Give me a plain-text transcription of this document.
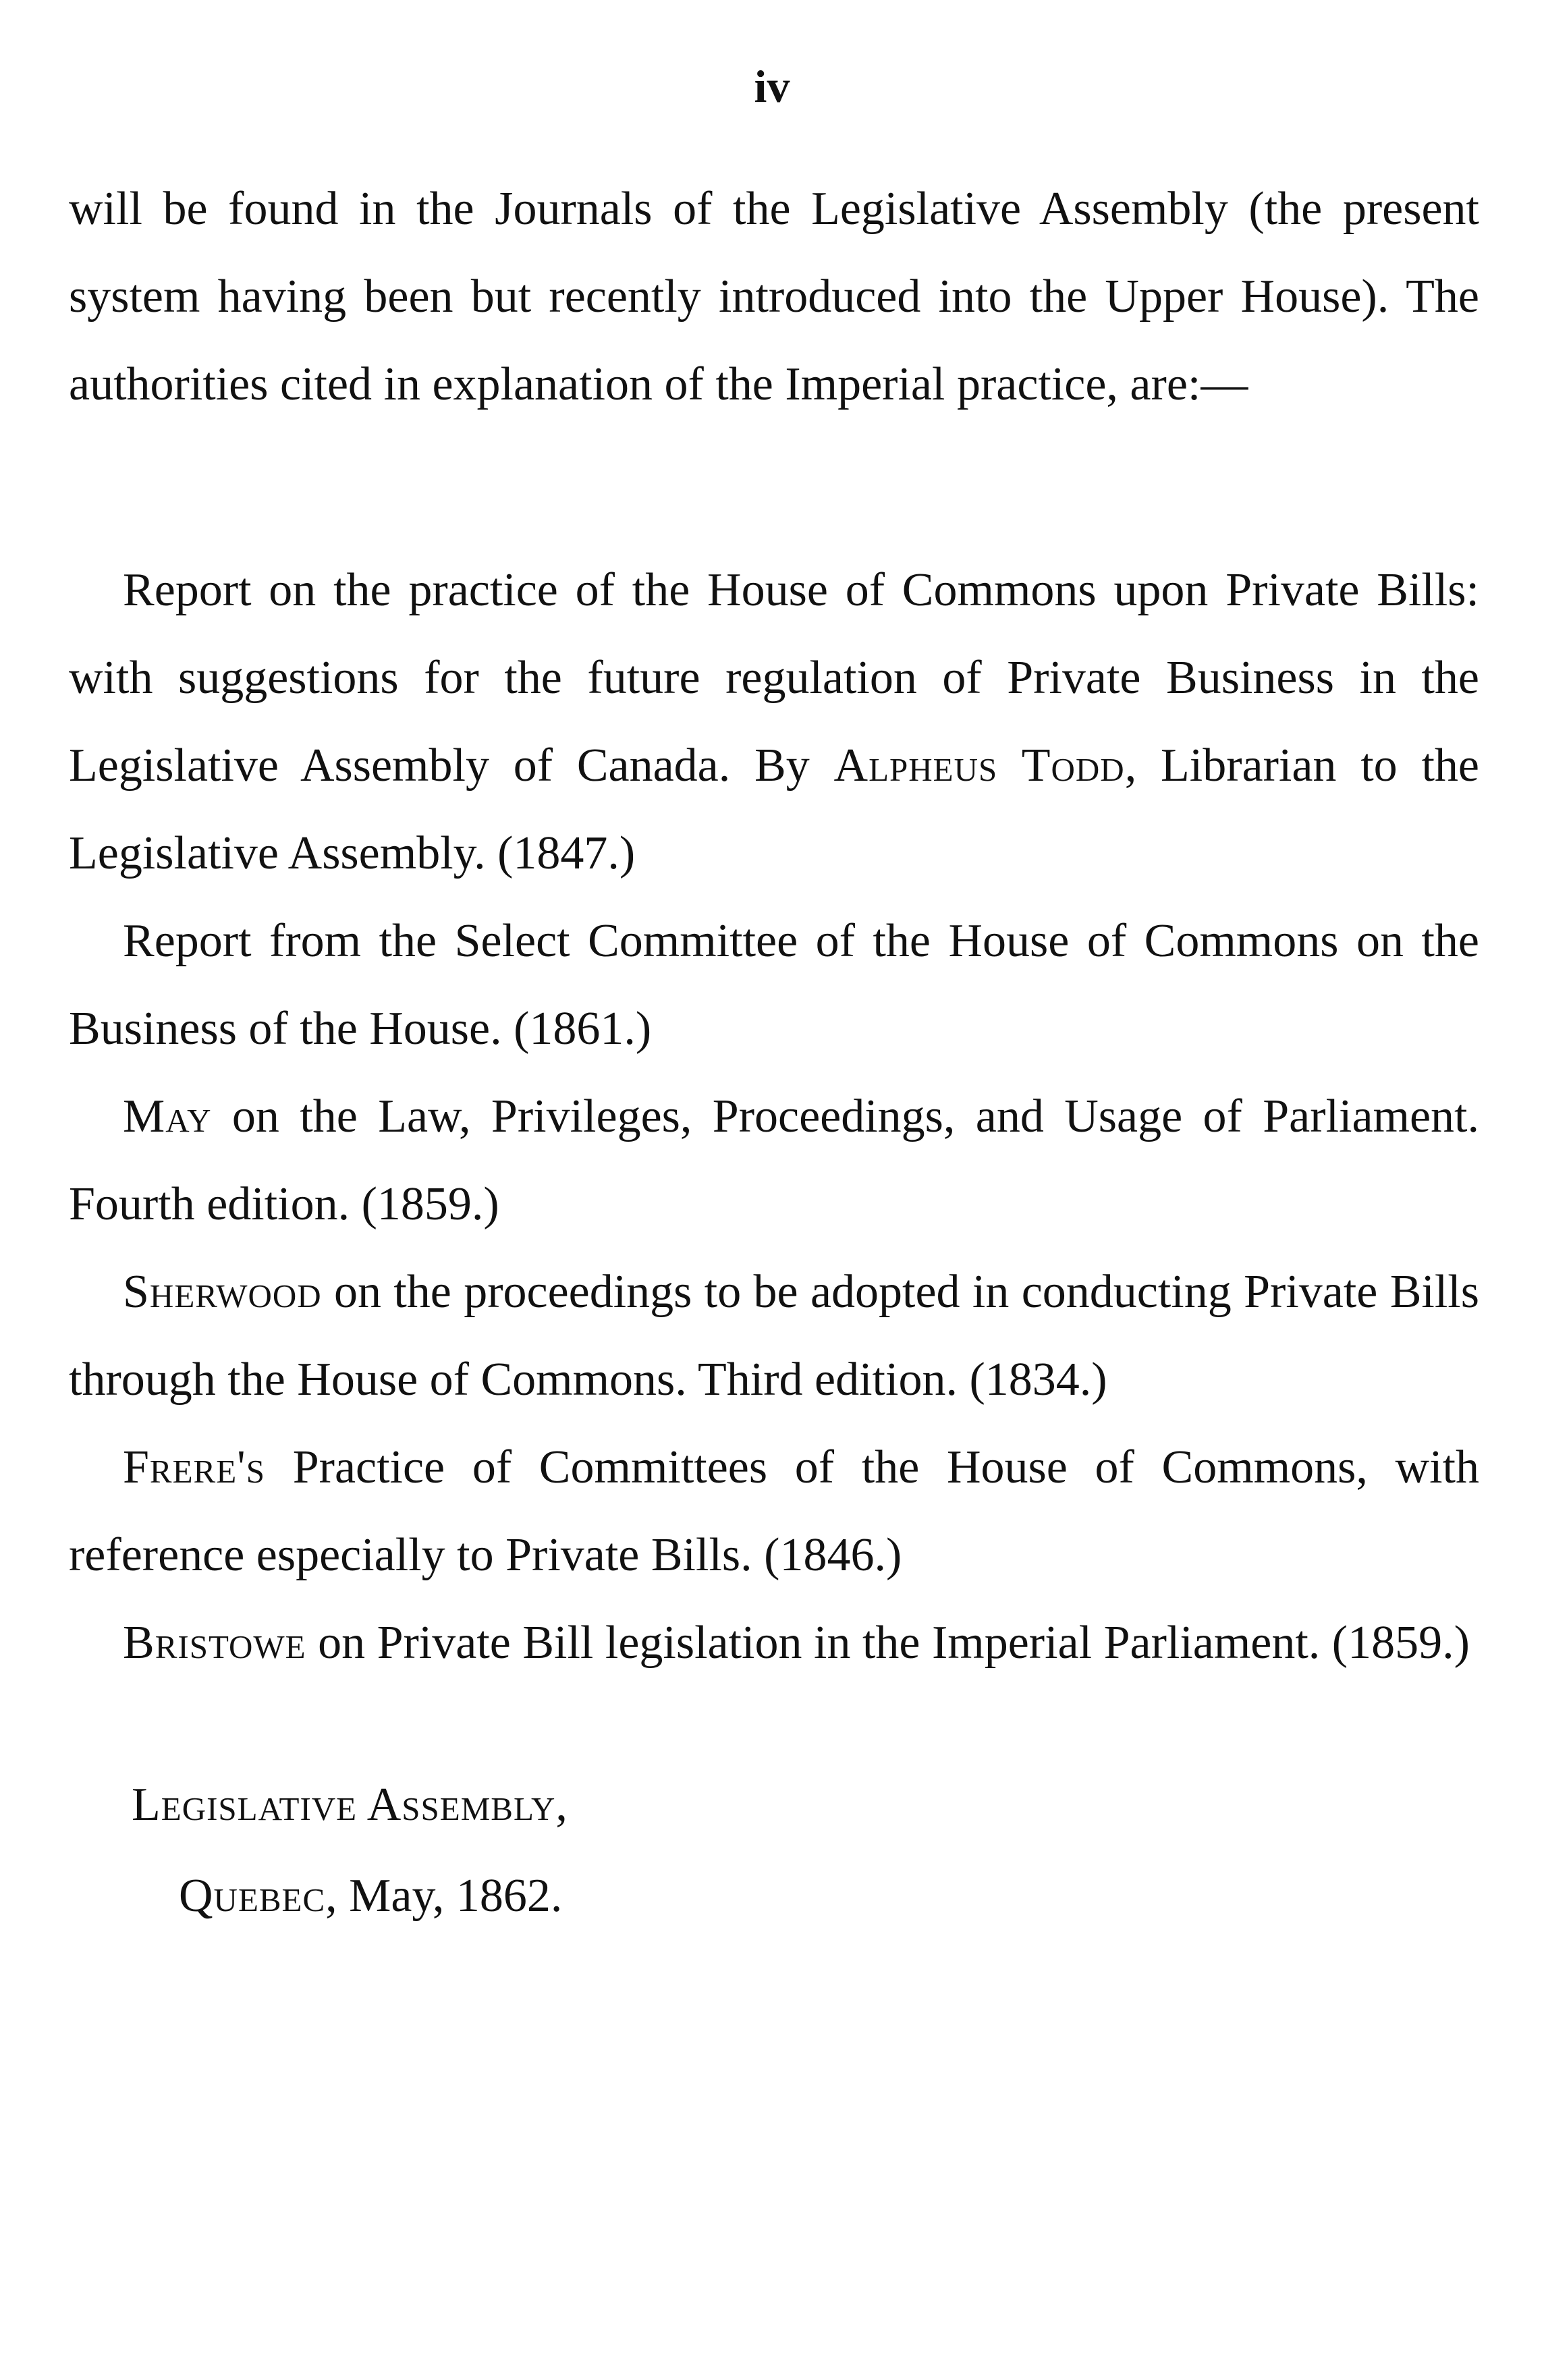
iv
will be found in the Journals of the Legislative Assembly (the present system having been but recently introduced into the Upper House). The authorities cited in explanation of the Imperial practice, are:—

Report on the practice of the House of Commons upon Private Bills: with suggestions for the future regulation of Private Business in the Legislative Assembly of Canada. By Alpheus Todd, Librarian to the Legislative Assembly. (1847.)

Report from the Select Committee of the House of Commons on the Business of the House. (1861.)

May on the Law, Privileges, Proceedings, and Usage of Parliament. Fourth edition. (1859.)

Sherwood on the proceedings to be adopted in conducting Private Bills through the House of Commons. Third edition. (1834.)

Frere's Practice of Committees of the House of Commons, with reference especially to Private Bills. (1846.)

Bristowe on Private Bill legislation in the Imperial Parliament. (1859.)

Legislative Assembly,
Quebec, May, 1862.
